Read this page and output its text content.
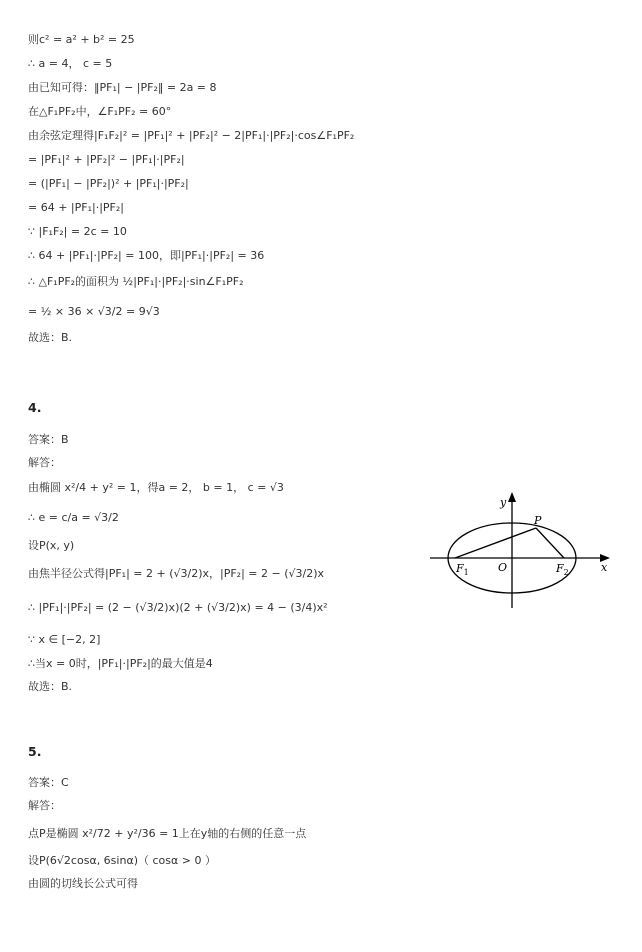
则c² = a² + b² = 25
∴ a = 4， c = 5
由已知可得：‖PF₁| − |PF₂‖ = 2a = 8
在△F₁PF₂中，∠F₁PF₂ = 60°
由余弦定理得|F₁F₂|² = |PF₁|² + |PF₂|² − 2|PF₁|·|PF₂|·cos∠F₁PF₂
= |PF₁|² + |PF₂|² − |PF₁|·|PF₂|
= (|PF₁| − |PF₂|)² + |PF₁|·|PF₂|
= 64 + |PF₁|·|PF₂|
∵ |F₁F₂| = 2c = 10
∴ 64 + |PF₁|·|PF₂| = 100，即|PF₁|·|PF₂| = 36
∴ △F₁PF₂的面积为 ½|PF₁|·|PF₂|·sin∠F₁PF₂
= ½ × 36 × √3/2 = 9√3
故选：B.
4.
答案：B
解答：
由椭圆 x²/4 + y² = 1，得a = 2， b = 1， c = √3
∴ e = c/a = √3/2
设P(x, y)
由焦半径公式得|PF₁| = 2 + (√3/2)x，|PF₂| = 2 − (√3/2)x
∴ |PF₁|·|PF₂| = (2 − (√3/2)x)(2 + (√3/2)x) = 4 − (3/4)x²
∵ x ∈ [−2, 2]
∴当x = 0时，|PF₁|·|PF₂|的最大值是4
故选：B.
y
x
P
O
$F_1$	$F_2$
5.
答案：C
解答：
点P是椭圆 x²/72 + y²/36 = 1上在y轴的右侧的任意一点
设P(6√2cosα, 6sinα)（ cosα > 0 ）
由圆的切线长公式可得
